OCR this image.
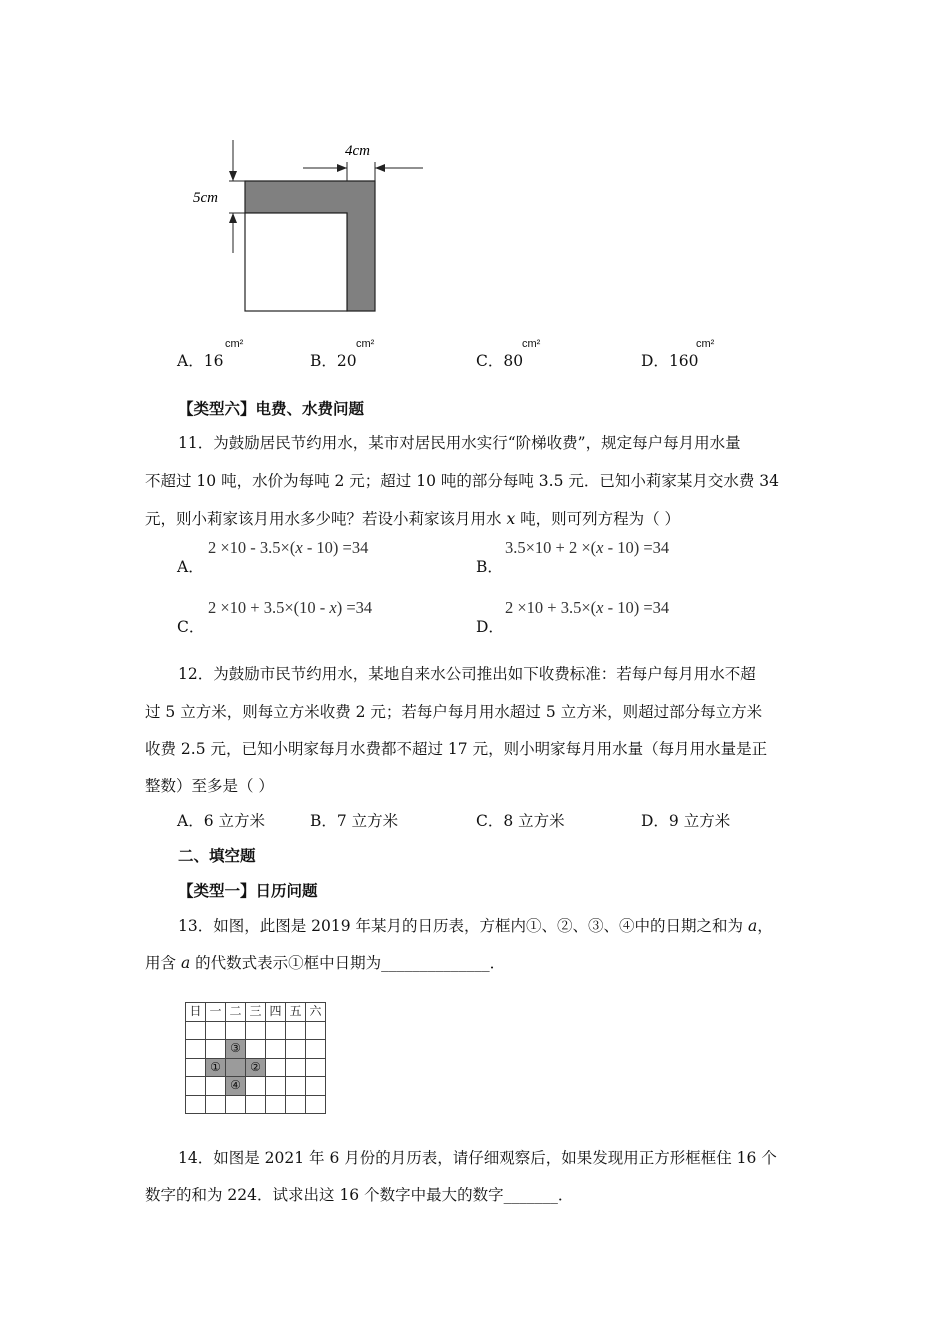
4cm
5cm
A．16
cm²
B．20
cm²
C．80
cm²
D．160
cm²
【类型六】电费、水费问题
11．为鼓励居民节约用水，某市对居民用水实行“阶梯收费”，规定每户每月用水量
不超过 10 吨，水价为每吨 2 元；超过 10 吨的部分每吨 3.5 元．已知小莉家某月交水费 34
元，则小莉家该月用水多少吨？若设小莉家该月用水 x 吨，则可列方程为（ ）
A．
2 ×10 - 3.5×(x - 10) =34
B．
3.5×10 + 2 ×(x - 10) =34
C．
2 ×10 + 3.5×(10 - x) =34
D．
2 ×10 + 3.5×(x - 10) =34
12．为鼓励市民节约用水，某地自来水公司推出如下收费标准：若每户每月用水不超
过 5 立方米，则每立方米收费 2 元；若每户每月用水超过 5 立方米，则超过部分每立方米
收费 2.5 元，已知小明家每月水费都不超过 17 元，则小明家每月用水量（每月用水量是正
整数）至多是（ ）
A．6 立方米	B．7 立方米	C．8 立方米	D．9 立方米
二、填空题
【类型一】日历问题
13．如图，此图是 2019 年某月的日历表，方框内①、②、③、④中的日期之和为 a，
用含 a 的代数式表示①框中日期为______________．
日	一	二	三	四	五	六

		③				
	①		②			
		④				

14．如图是 2021 年 6 月份的月历表，请仔细观察后，如果发现用正方形框框住 16 个
数字的和为 224．试求出这 16 个数字中最大的数字_______．
